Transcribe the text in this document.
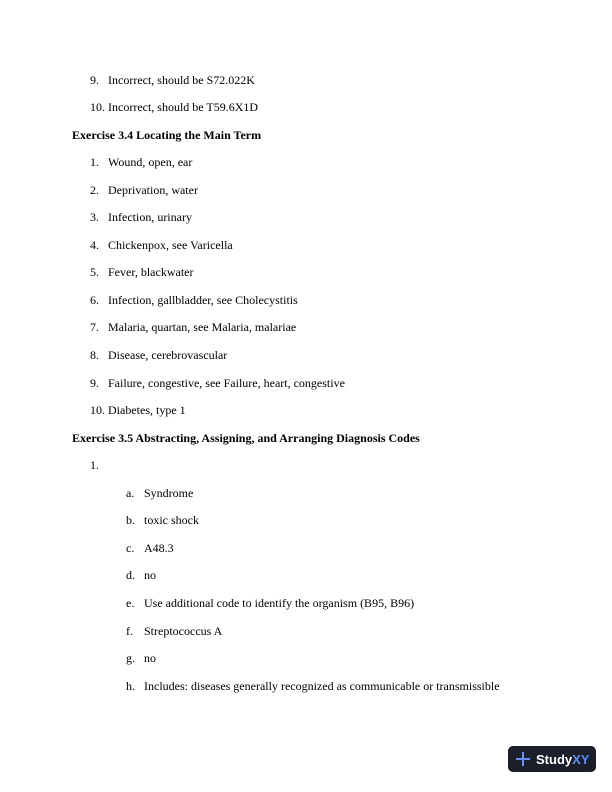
9. Incorrect, should be S72.022K
10. Incorrect, should be T59.6X1D
Exercise 3.4 Locating the Main Term
1. Wound, open, ear
2. Deprivation, water
3. Infection, urinary
4. Chickenpox, see Varicella
5. Fever, blackwater
6. Infection, gallbladder, see Cholecystitis
7. Malaria, quartan, see Malaria, malariae
8. Disease, cerebrovascular
9. Failure, congestive, see Failure, heart, congestive
10. Diabetes, type 1
Exercise 3.5 Abstracting, Assigning, and Arranging Diagnosis Codes
1.
a. Syndrome
b. toxic shock
c. A48.3
d. no
e. Use additional code to identify the organism (B95, B96)
f. Streptococcus A
g. no
h. Includes: diseases generally recognized as communicable or transmissible
Study XY
